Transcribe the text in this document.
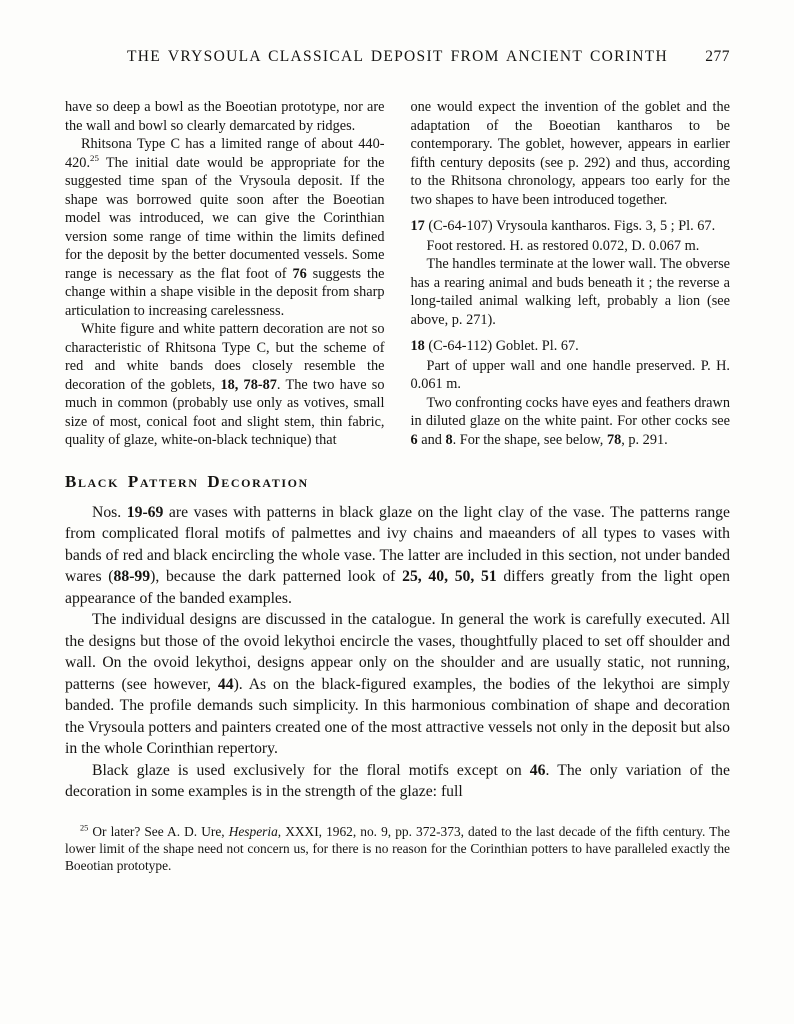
THE VRYSOULA CLASSICAL DEPOSIT FROM ANCIENT CORINTH 277

have so deep a bowl as the Boeotian prototype, nor are the wall and bowl so clearly demarcated by ridges.

Rhitsona Type C has a limited range of about 440-420.25 The initial date would be appropriate for the suggested time span of the Vrysoula deposit. If the shape was borrowed quite soon after the Boeotian model was introduced, we can give the Corinthian version some range of time within the limits defined for the deposit by the better documented vessels. Some range is necessary as the flat foot of 76 suggests the change within a shape visible in the deposit from sharp articulation to increasing carelessness.

White figure and white pattern decoration are not so characteristic of Rhitsona Type C, but the scheme of red and white bands does closely resemble the decoration of the goblets, 18, 78-87. The two have so much in common (probably use only as votives, small size of most, conical foot and slight stem, thin fabric, quality of glaze, white-on-black technique) that

one would expect the invention of the goblet and the adaptation of the Boeotian kantharos to be contemporary. The goblet, however, appears in earlier fifth century deposits (see p. 292) and thus, according to the Rhitsona chronology, appears too early for the two shapes to have been introduced together.

17 (C-64-107) Vrysoula kantharos. Figs. 3, 5 ; Pl. 67.

Foot restored. H. as restored 0.072, D. 0.067 m.

The handles terminate at the lower wall. The obverse has a rearing animal and buds beneath it ; the reverse a long-tailed animal walking left, probably a lion (see above, p. 271).

18 (C-64-112) Goblet. Pl. 67.

Part of upper wall and one handle preserved. P. H. 0.061 m.

Two confronting cocks have eyes and feathers drawn in diluted glaze on the white paint. For other cocks see 6 and 8. For the shape, see below, 78, p. 291.

Black Pattern Decoration

Nos. 19-69 are vases with patterns in black glaze on the light clay of the vase. The patterns range from complicated floral motifs of palmettes and ivy chains and maeanders of all types to vases with bands of red and black encircling the whole vase. The latter are included in this section, not under banded wares (88-99), because the dark patterned look of 25, 40, 50, 51 differs greatly from the light open appearance of the banded examples.

The individual designs are discussed in the catalogue. In general the work is carefully executed. All the designs but those of the ovoid lekythoi encircle the vases, thoughtfully placed to set off shoulder and wall. On the ovoid lekythoi, designs appear only on the shoulder and are usually static, not running, patterns (see however, 44). As on the black-figured examples, the bodies of the lekythoi are simply banded. The profile demands such simplicity. In this harmonious combination of shape and decoration the Vrysoula potters and painters created one of the most attractive vessels not only in the deposit but also in the whole Corinthian repertory.

Black glaze is used exclusively for the floral motifs except on 46. The only variation of the decoration in some examples is in the strength of the glaze: full

$^{25}$ Or later? See A. D. Ure, Hesperia, XXXI, 1962, no. 9, pp. 372-373, dated to the last decade of the fifth century. The lower limit of the shape need not concern us, for there is no reason for the Corinthian potters to have paralleled exactly the Boeotian prototype.
